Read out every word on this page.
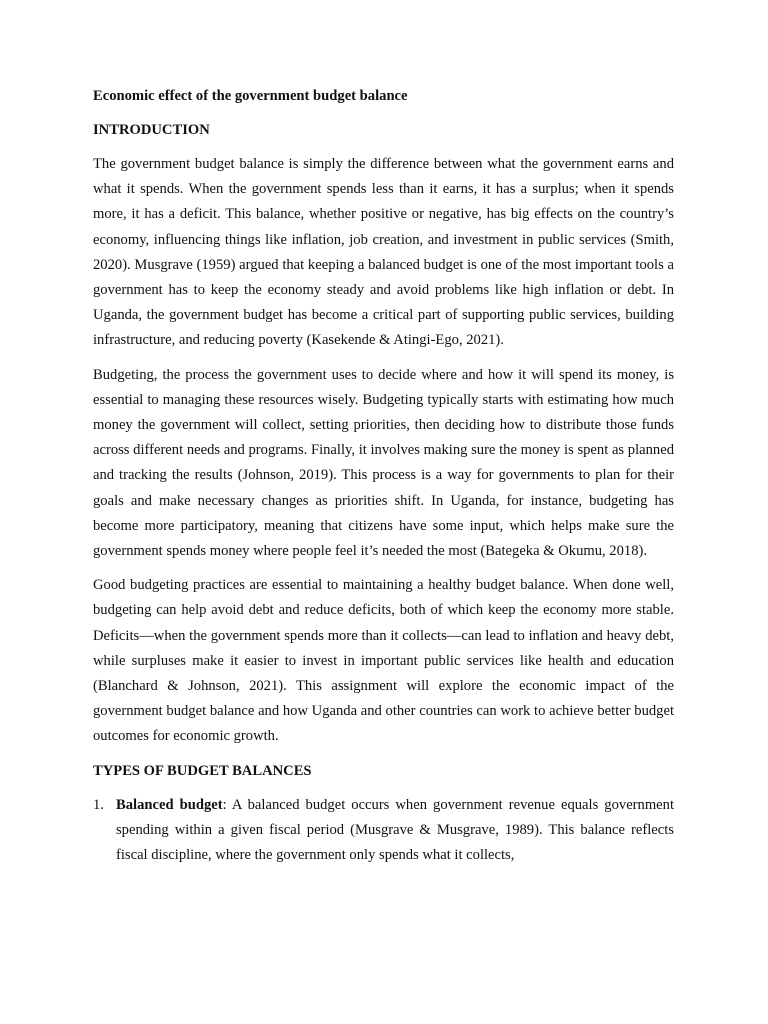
Economic effect of the government budget balance
INTRODUCTION

The government budget balance is simply the difference between what the government earns and what it spends. When the government spends less than it earns, it has a surplus; when it spends more, it has a deficit. This balance, whether positive or negative, has big effects on the country’s economy, influencing things like inflation, job creation, and investment in public services (Smith, 2020). Musgrave (1959) argued that keeping a balanced budget is one of the most important tools a government has to keep the economy steady and avoid problems like high inflation or debt. In Uganda, the government budget has become a critical part of supporting public services, building infrastructure, and reducing poverty (Kasekende & Atingi-Ego, 2021).

Budgeting, the process the government uses to decide where and how it will spend its money, is essential to managing these resources wisely. Budgeting typically starts with estimating how much money the government will collect, setting priorities, then deciding how to distribute those funds across different needs and programs. Finally, it involves making sure the money is spent as planned and tracking the results (Johnson, 2019). This process is a way for governments to plan for their goals and make necessary changes as priorities shift. In Uganda, for instance, budgeting has become more participatory, meaning that citizens have some input, which helps make sure the government spends money where people feel it’s needed the most (Bategeka & Okumu, 2018).

Good budgeting practices are essential to maintaining a healthy budget balance. When done well, budgeting can help avoid debt and reduce deficits, both of which keep the economy more stable. Deficits—when the government spends more than it collects—can lead to inflation and heavy debt, while surpluses make it easier to invest in important public services like health and education (Blanchard & Johnson, 2021). This assignment will explore the economic impact of the government budget balance and how Uganda and other countries can work to achieve better budget outcomes for economic growth.

TYPES OF BUDGET BALANCES
1. Balanced budget: A balanced budget occurs when government revenue equals government spending within a given fiscal period (Musgrave & Musgrave, 1989). This balance reflects fiscal discipline, where the government only spends what it collects,
